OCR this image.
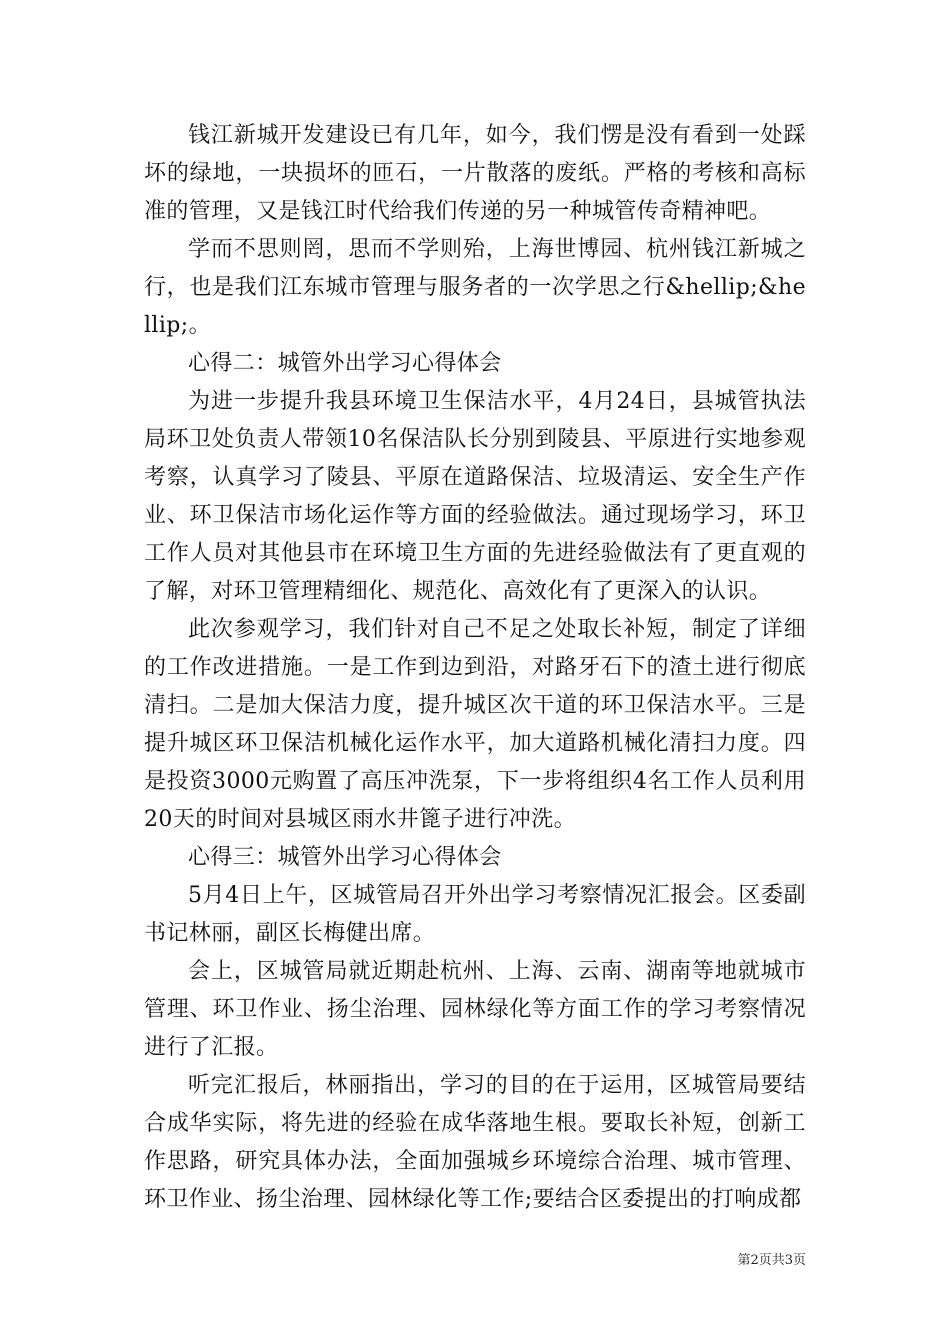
钱江新城开发建设已有几年，如今，我们愣是没有看到一处踩坏的绿地，一块损坏的匝石，一片散落的废纸。严格的考核和高标准的管理，又是钱江时代给我们传递的另一种城管传奇精神吧。

学而不思则罔，思而不学则殆，上海世博园、杭州钱江新城之行，也是我们江东城市管理与服务者的一次学思之行&hellip;&hellip;。

心得二：城管外出学习心得体会

为进一步提升我县环境卫生保洁水平，4月24日，县城管执法局环卫处负责人带领10名保洁队长分别到陵县、平原进行实地参观考察，认真学习了陵县、平原在道路保洁、垃圾清运、安全生产作业、环卫保洁市场化运作等方面的经验做法。通过现场学习，环卫工作人员对其他县市在环境卫生方面的先进经验做法有了更直观的了解，对环卫管理精细化、规范化、高效化有了更深入的认识。

此次参观学习，我们针对自己不足之处取长补短，制定了详细的工作改进措施。一是工作到边到沿，对路牙石下的渣土进行彻底清扫。二是加大保洁力度，提升城区次干道的环卫保洁水平。三是提升城区环卫保洁机械化运作水平，加大道路机械化清扫力度。四是投资3000元购置了高压冲洗泵，下一步将组织4名工作人员利用20天的时间对县城区雨水井篦子进行冲洗。

心得三：城管外出学习心得体会

5月4日上午，区城管局召开外出学习考察情况汇报会。区委副书记林丽，副区长梅健出席。

会上，区城管局就近期赴杭州、上海、云南、湖南等地就城市管理、环卫作业、扬尘治理、园林绿化等方面工作的学习考察情况进行了汇报。

听完汇报后，林丽指出，学习的目的在于运用，区城管局要结合成华实际，将先进的经验在成华落地生根。要取长补短，创新工作思路，研究具体办法，全面加强城乡环境综合治理、城市管理、环卫作业、扬尘治理、园林绿化等工作;要结合区委提出的打响成都

第2页共3页
